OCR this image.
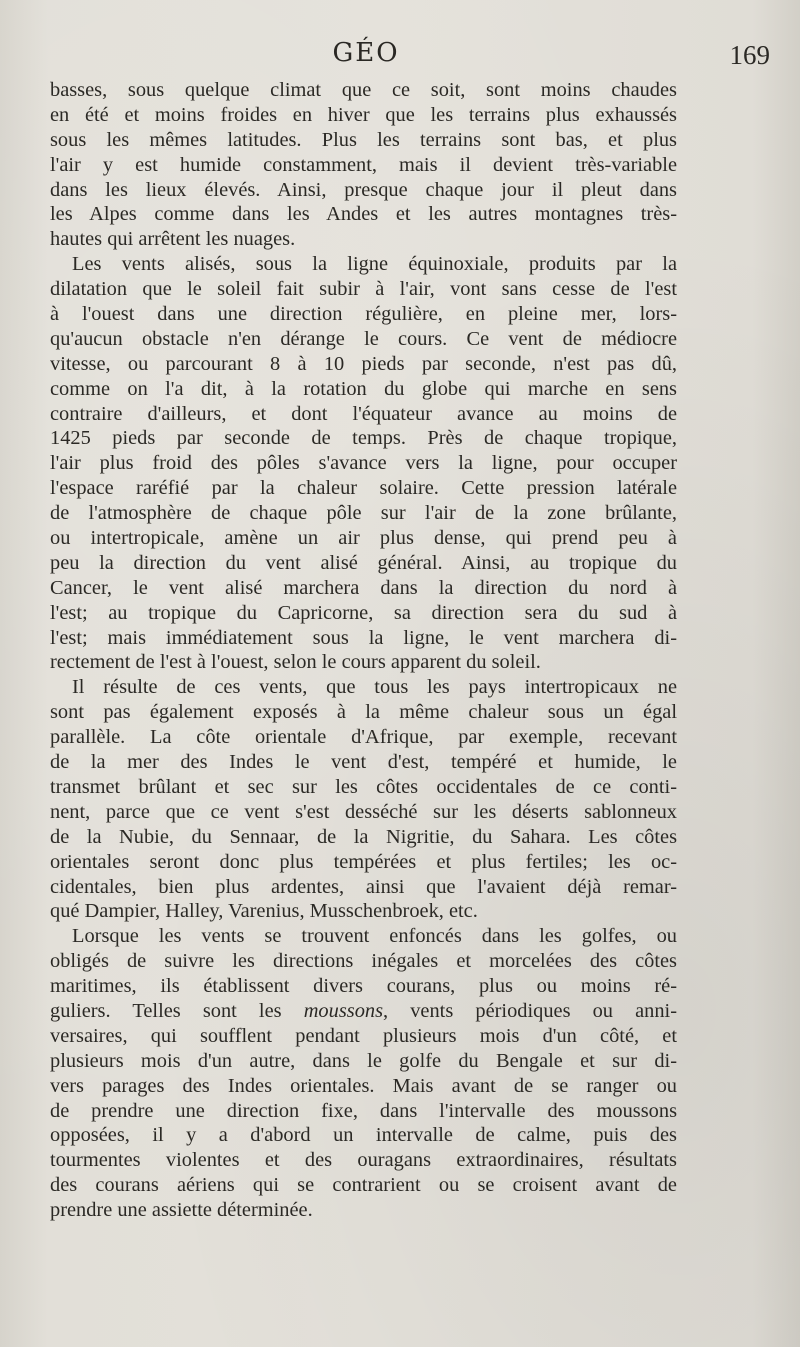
GÉO	169
basses, sous quelque climat que ce soit, sont moins chaudes
en été et moins froides en hiver que les terrains plus exhaussés
sous les mêmes latitudes. Plus les terrains sont bas, et plus
l'air y est humide constamment, mais il devient très-variable
dans les lieux élevés. Ainsi, presque chaque jour il pleut dans
les Alpes comme dans les Andes et les autres montagnes très-
hautes qui arrêtent les nuages.
Les vents alisés, sous la ligne équinoxiale, produits par la
dilatation que le soleil fait subir à l'air, vont sans cesse de l'est
à l'ouest dans une direction régulière, en pleine mer, lors-
qu'aucun obstacle n'en dérange le cours. Ce vent de médiocre
vitesse, ou parcourant 8 à 10 pieds par seconde, n'est pas dû,
comme on l'a dit, à la rotation du globe qui marche en sens
contraire d'ailleurs, et dont l'équateur avance au moins de
1425 pieds par seconde de temps. Près de chaque tropique,
l'air plus froid des pôles s'avance vers la ligne, pour occuper
l'espace raréfié par la chaleur solaire. Cette pression latérale
de l'atmosphère de chaque pôle sur l'air de la zone brûlante,
ou intertropicale, amène un air plus dense, qui prend peu à
peu la direction du vent alisé général. Ainsi, au tropique du
Cancer, le vent alisé marchera dans la direction du nord à
l'est; au tropique du Capricorne, sa direction sera du sud à
l'est; mais immédiatement sous la ligne, le vent marchera di-
rectement de l'est à l'ouest, selon le cours apparent du soleil.
Il résulte de ces vents, que tous les pays intertropicaux ne
sont pas également exposés à la même chaleur sous un égal
parallèle. La côte orientale d'Afrique, par exemple, recevant
de la mer des Indes le vent d'est, tempéré et humide, le
transmet brûlant et sec sur les côtes occidentales de ce conti-
nent, parce que ce vent s'est desséché sur les déserts sablonneux
de la Nubie, du Sennaar, de la Nigritie, du Sahara. Les côtes
orientales seront donc plus tempérées et plus fertiles; les oc-
cidentales, bien plus ardentes, ainsi que l'avaient déjà remar-
qué Dampier, Halley, Varenius, Musschenbroek, etc.
Lorsque les vents se trouvent enfoncés dans les golfes, ou
obligés de suivre les directions inégales et morcelées des côtes
maritimes, ils établissent divers courans, plus ou moins ré-
guliers. Telles sont les moussons, vents périodiques ou anni-
versaires, qui soufflent pendant plusieurs mois d'un côté, et
plusieurs mois d'un autre, dans le golfe du Bengale et sur di-
vers parages des Indes orientales. Mais avant de se ranger ou
de prendre une direction fixe, dans l'intervalle des moussons
opposées, il y a d'abord un intervalle de calme, puis des
tourmentes violentes et des ouragans extraordinaires, résultats
des courans aériens qui se contrarient ou se croisent avant de
prendre une assiette déterminée.
